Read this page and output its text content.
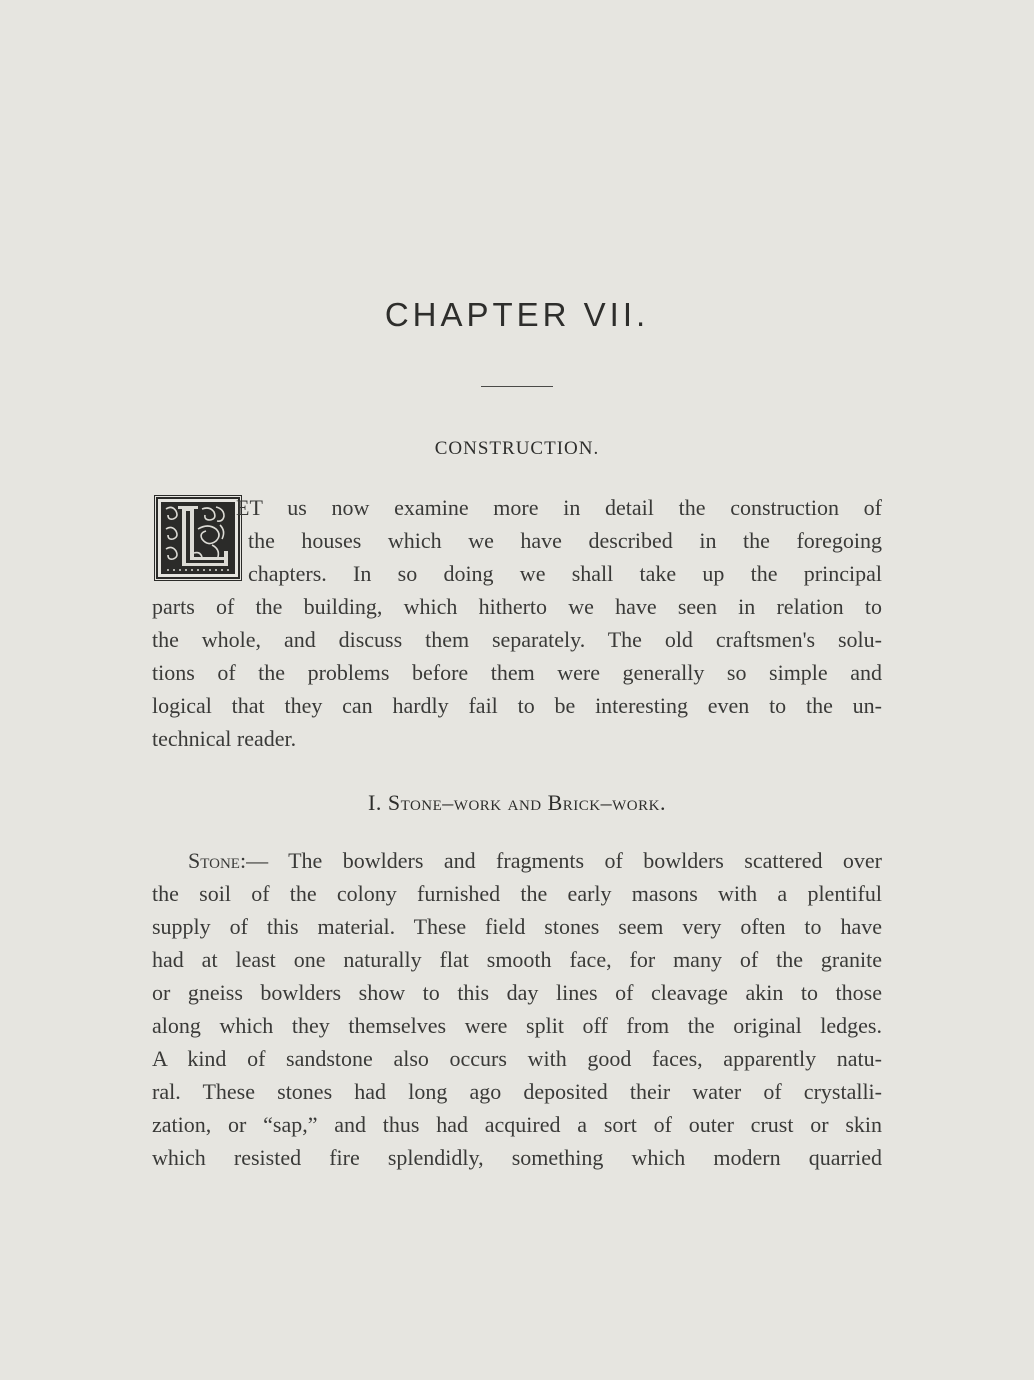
CHAPTER VII.
CONSTRUCTION.
ET us now examine more in detail the construction of
the houses which we have described in the foregoing
chapters. In so doing we shall take up the principal
parts of the building, which hitherto we have seen in relation to
the whole, and discuss them separately. The old craftsmen's solu-
tions of the problems before them were generally so simple and
logical that they can hardly fail to be interesting even to the un-
technical reader.
I. Stone–work and Brick–work.
Stone:— The bowlders and fragments of bowlders scattered over
the soil of the colony furnished the early masons with a plentiful
supply of this material. These field stones seem very often to have
had at least one naturally flat smooth face, for many of the granite
or gneiss bowlders show to this day lines of cleavage akin to those
along which they themselves were split off from the original ledges.
A kind of sandstone also occurs with good faces, apparently natu-
ral. These stones had long ago deposited their water of crystalli-
zation, or “sap,” and thus had acquired a sort of outer crust or skin
which resisted fire splendidly, something which modern quarried
